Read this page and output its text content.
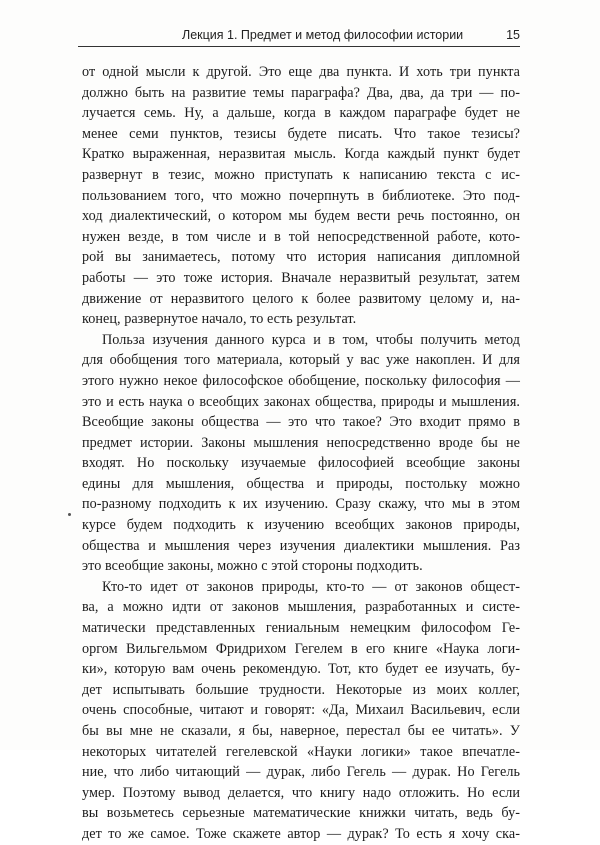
Лекция 1. Предмет и метод философии истории	15
от одной мысли к другой. Это еще два пункта. И хоть три пункта
должно быть на развитие темы параграфа? Два, два, да три — по-
лучается семь. Ну, а дальше, когда в каждом параграфе будет не
менее семи пунктов, тезисы будете писать. Что такое тезисы?
Кратко выраженная, неразвитая мысль. Когда каждый пункт будет
развернут в тезис, можно приступать к написанию текста с ис-
пользованием того, что можно почерпнуть в библиотеке. Это под-
ход диалектический, о котором мы будем вести речь постоянно, он
нужен везде, в том числе и в той непосредственной работе, кото-
рой вы занимаетесь, потому что история написания дипломной
работы — это тоже история. Вначале неразвитый результат, затем
движение от неразвитого целого к более развитому целому и, на-
конец, развернутое начало, то есть результат.
Польза изучения данного курса и в том, чтобы получить метод
для обобщения того материала, который у вас уже накоплен. И для
этого нужно некое философское обобщение, поскольку философия —
это и есть наука о всеобщих законах общества, природы и мышления.
Всеобщие законы общества — это что такое? Это входит прямо в
предмет истории. Законы мышления непосредственно вроде бы не
входят. Но поскольку изучаемые философией всеобщие законы
едины для мышления, общества и природы, постольку можно
по-разному подходить к их изучению. Сразу скажу, что мы в этом
курсе будем подходить к изучению всеобщих законов природы,
общества и мышления через изучения диалектики мышления. Раз
это всеобщие законы, можно с этой стороны подходить.
Кто-то идет от законов природы, кто-то — от законов общест-
ва, а можно идти от законов мышления, разработанных и систе-
матически представленных гениальным немецким философом Ге-
оргом Вильгельмом Фридрихом Гегелем в его книге «Наука логи-
ки», которую вам очень рекомендую. Тот, кто будет ее изучать, бу-
дет испытывать большие трудности. Некоторые из моих коллег,
очень способные, читают и говорят: «Да, Михаил Васильевич, если
бы вы мне не сказали, я бы, наверное, перестал бы ее читать». У
некоторых читателей гегелевской «Науки логики» такое впечатле-
ние, что либо читающий — дурак, либо Гегель — дурак. Но Гегель
умер. Поэтому вывод делается, что книгу надо отложить. Но если
вы возьметесь серьезные математические книжки читать, ведь бу-
дет то же самое. Тоже скажете автор — дурак? То есть я хочу ска-
